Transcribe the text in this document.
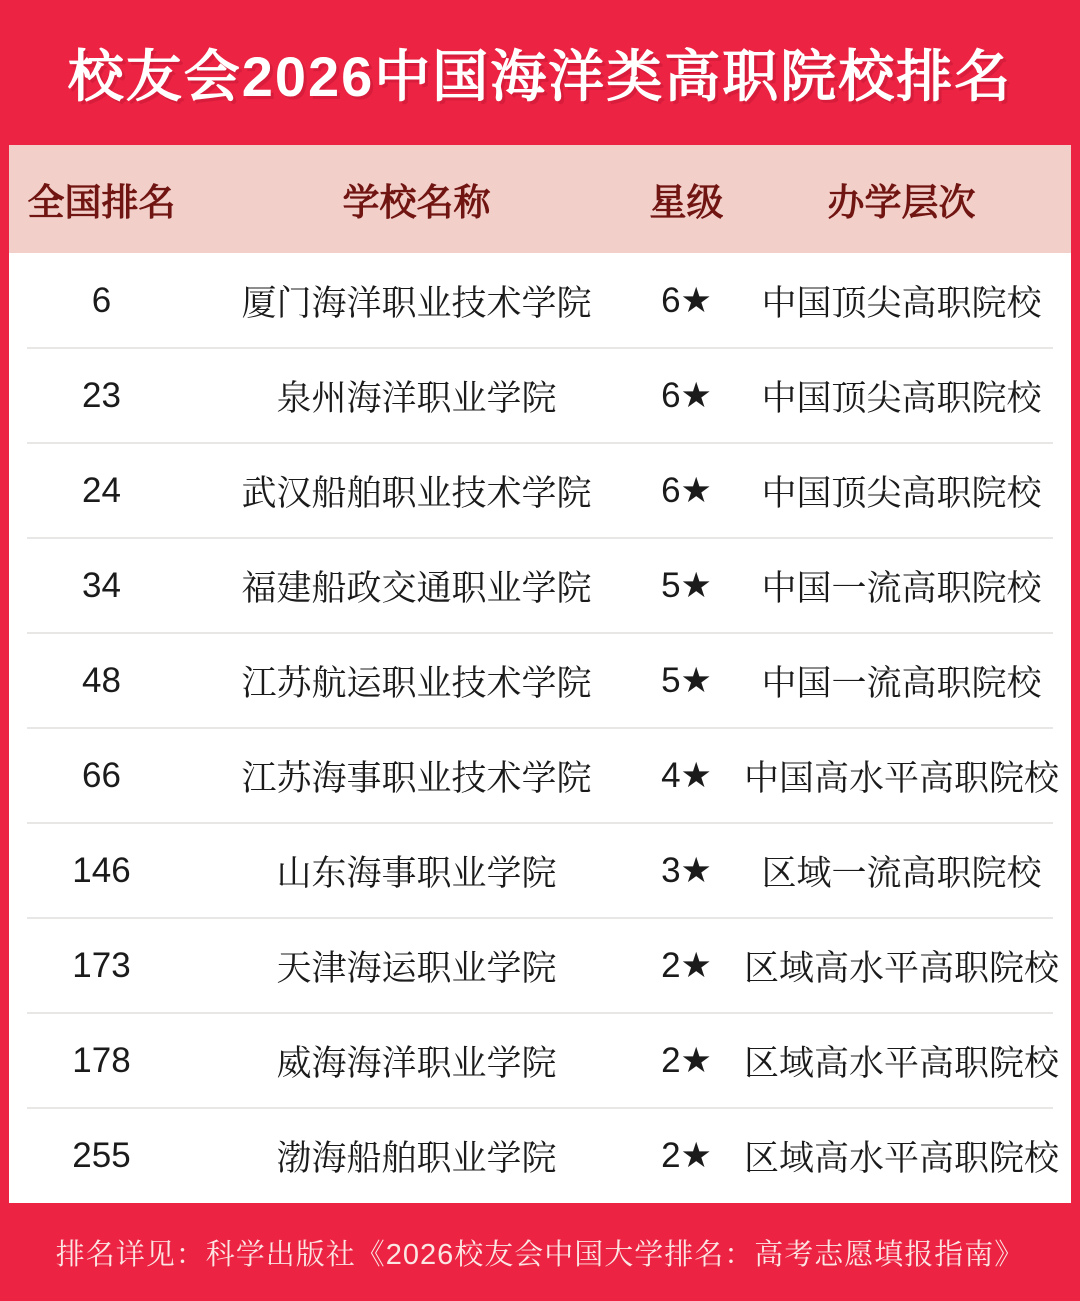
校友会2026中国海洋类高职院校排名
全国排名	学校名称	星级	办学层次
6	厦门海洋职业技术学院	6★	中国顶尖高职院校
23	泉州海洋职业学院	6★	中国顶尖高职院校
24	武汉船舶职业技术学院	6★	中国顶尖高职院校
34	福建船政交通职业学院	5★	中国一流高职院校
48	江苏航运职业技术学院	5★	中国一流高职院校
66	江苏海事职业技术学院	4★ 中国高水平高职院校
146	山东海事职业学院	3★	区域一流高职院校
173	天津海运职业学院	2★ 区域高水平高职院校
178	威海海洋职业学院	2★ 区域高水平高职院校
255	渤海船舶职业学院	2★ 区域高水平高职院校

排名详见：科学出版社《2026校友会中国大学排名：高考志愿填报指南》
